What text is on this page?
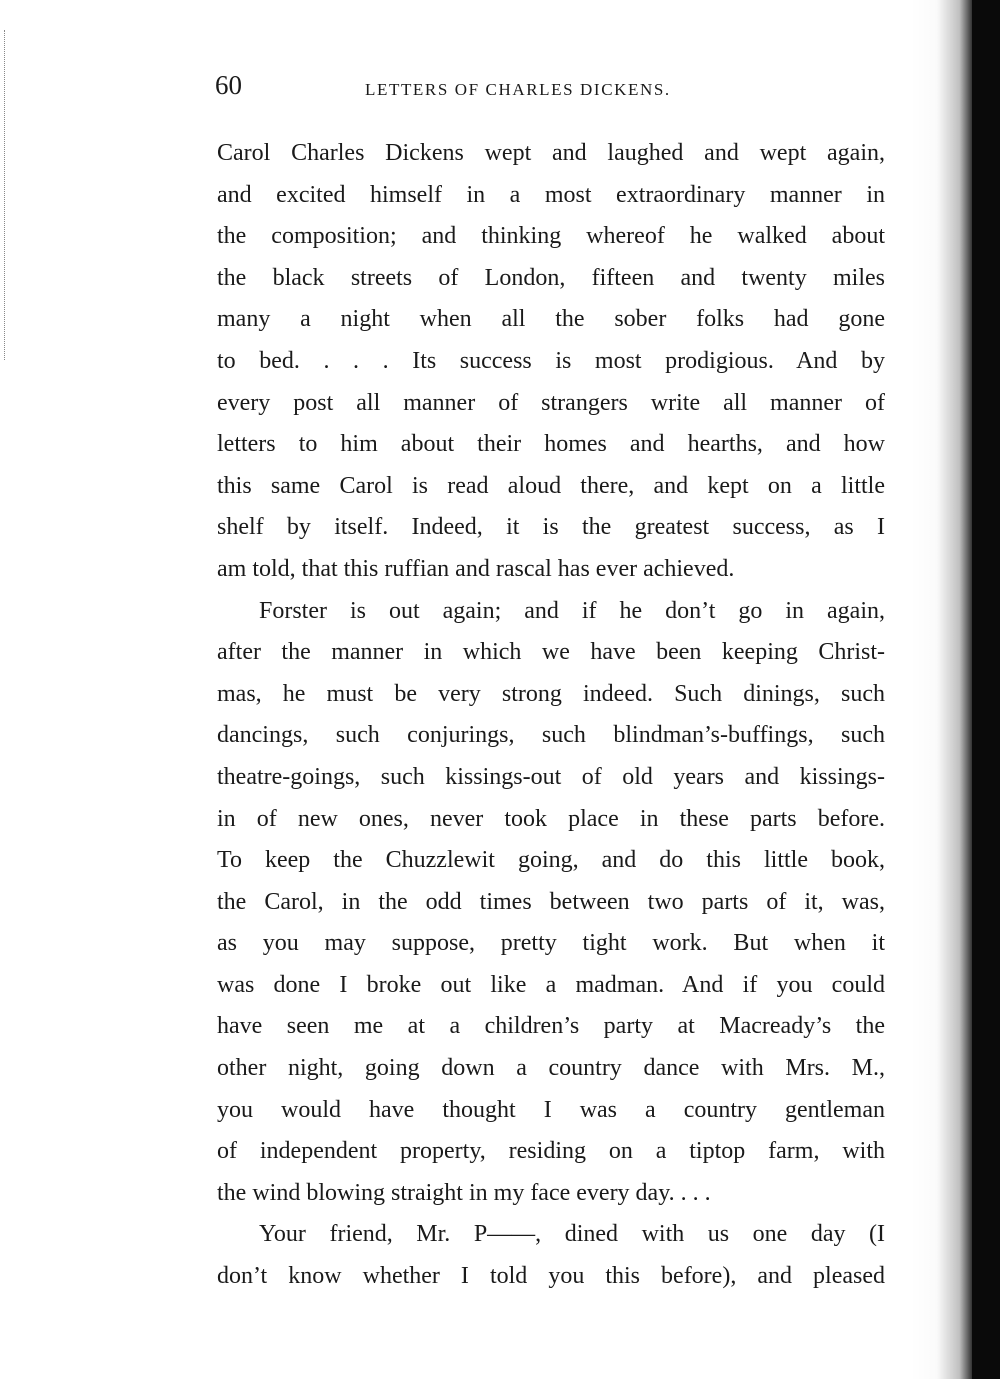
60	LETTERS OF CHARLES DICKENS.
Carol Charles Dickens wept and laughed and wept again,
and excited himself in a most extraordinary manner in
the composition; and thinking whereof he walked about
the black streets of London, fifteen and twenty miles
many a night when all the sober folks had gone
to bed. . . . Its success is most prodigious. And by
every post all manner of strangers write all manner of
letters to him about their homes and hearths, and how
this same Carol is read aloud there, and kept on a little
shelf by itself. Indeed, it is the greatest success, as I
am told, that this ruffian and rascal has ever achieved.
Forster is out again; and if he don’t go in again,
after the manner in which we have been keeping Christ-
mas, he must be very strong indeed. Such dinings, such
dancings, such conjurings, such blindman’s-buffings, such
theatre-goings, such kissings-out of old years and kissings-
in of new ones, never took place in these parts before.
To keep the Chuzzlewit going, and do this little book,
the Carol, in the odd times between two parts of it, was,
as you may suppose, pretty tight work. But when it
was done I broke out like a madman. And if you could
have seen me at a children’s party at Macready’s the
other night, going down a country dance with Mrs. M.,
you would have thought I was a country gentleman
of independent property, residing on a tiptop farm, with
the wind blowing straight in my face every day. . . .
Your friend, Mr. P——, dined with us one day (I
don’t know whether I told you this before), and pleased
